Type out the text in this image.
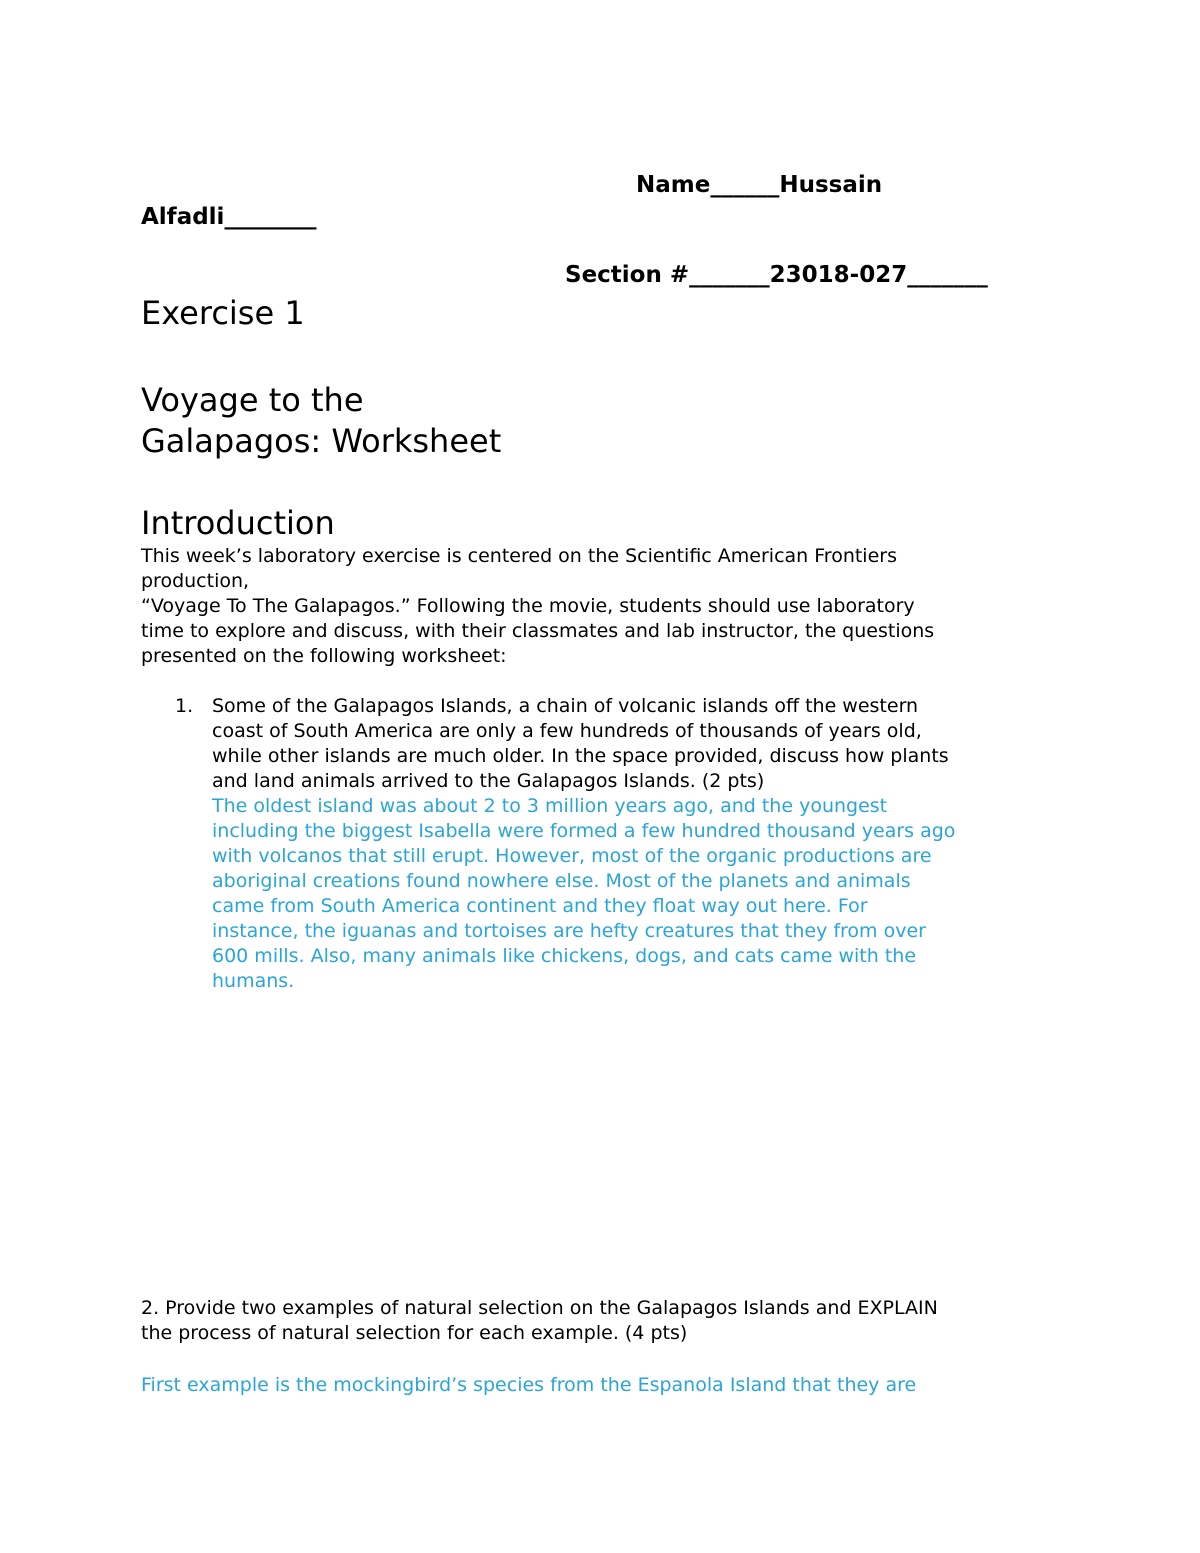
Name______Hussain
Alfadli________
Section #_______23018-027_______
Exercise 1
Voyage to the
Galapagos: Worksheet
Introduction
This week’s laboratory exercise is centered on the Scientific American Frontiers
production,
“Voyage To The Galapagos.” Following the movie, students should use laboratory
time to explore and discuss, with their classmates and lab instructor, the questions
presented on the following worksheet:
1. Some of the Galapagos Islands, a chain of volcanic islands off the western
coast of South America are only a few hundreds of thousands of years old,
while other islands are much older. In the space provided, discuss how plants
and land animals arrived to the Galapagos Islands. (2 pts)
The oldest island was about 2 to 3 million years ago, and the youngest
including the biggest Isabella were formed a few hundred thousand years ago
with volcanos that still erupt. However, most of the organic productions are
aboriginal creations found nowhere else. Most of the planets and animals
came from South America continent and they float way out here. For
instance, the iguanas and tortoises are hefty creatures that they from over
600 mills. Also, many animals like chickens, dogs, and cats came with the
humans.
2. Provide two examples of natural selection on the Galapagos Islands and EXPLAIN
the process of natural selection for each example. (4 pts)
First example is the mockingbird’s species from the Espanola Island that they are
